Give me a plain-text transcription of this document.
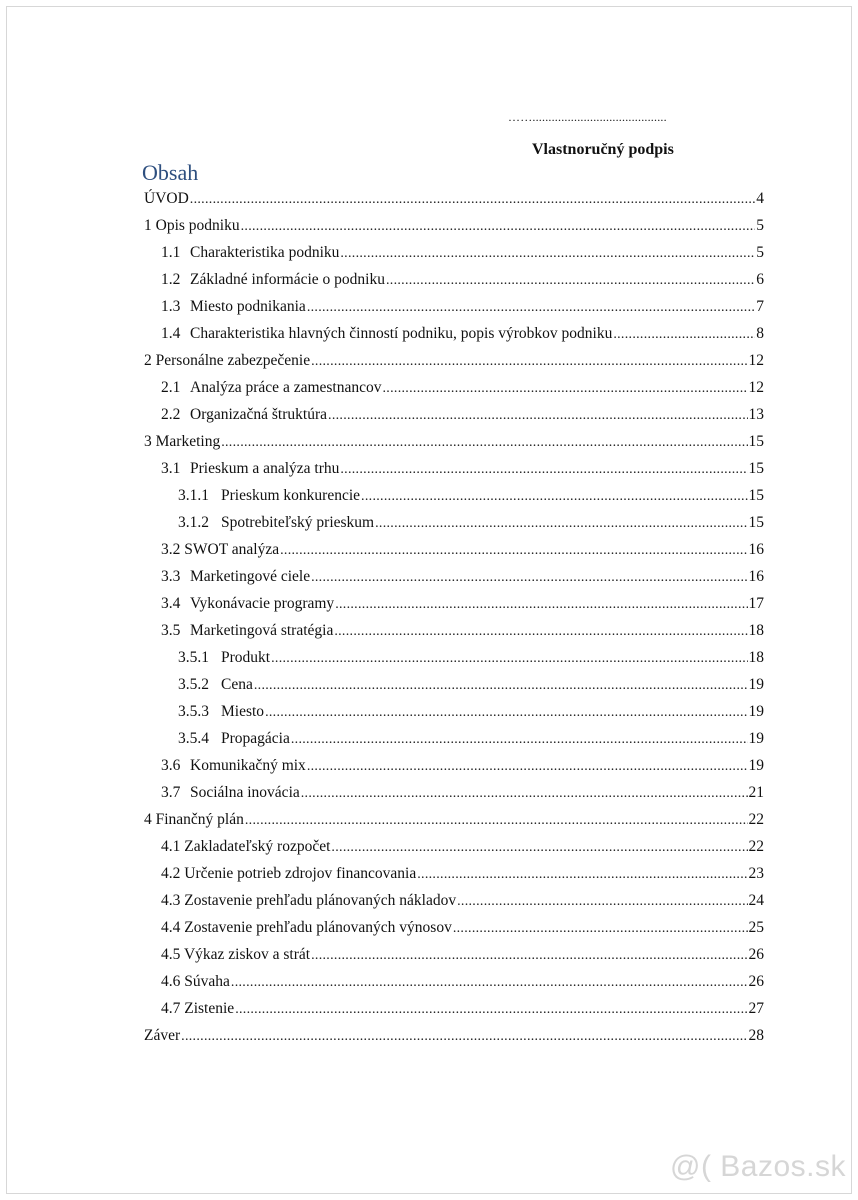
……..........................................
Vlastnoručný podpis
Obsah
ÚVOD .....	4
1 Opis podniku .....	5
1.1 Charakteristika podniku .....	5
1.2 Základné informácie o podniku .....	6
1.3 Miesto podnikania .....	7
1.4 Charakteristika hlavných činností podniku, popis výrobkov podniku .....	8
2 Personálne zabezpečenie .....	12
2.1 Analýza práce a zamestnancov .....	12
2.2 Organizačná štruktúra .....	13
3 Marketing .....	15
3.1 Prieskum a analýza trhu .....	15
3.1.1 Prieskum konkurencie .....	15
3.1.2 Spotrebiteľský prieskum .....	15
3.2 SWOT analýza .....	16
3.3 Marketingové ciele .....	16
3.4 Vykonávacie programy .....	17
3.5 Marketingová stratégia .....	18
3.5.1 Produkt .....	18
3.5.2 Cena .....	19
3.5.3 Miesto .....	19
3.5.4 Propagácia .....	19
3.6 Komunikačný mix .....	19
3.7 Sociálna inovácia .....	21
4 Finančný plán .....	22
4.1 Zakladateľský rozpočet .....	22
4.2 Určenie potrieb zdrojov financovania .....	23
4.3 Zostavenie prehľadu plánovaných nákladov .....	24
4.4 Zostavenie prehľadu plánovaných výnosov .....	25
4.5 Výkaz ziskov a strát .....	26
4.6 Súvaha .....	26
4.7 Zistenie .....	27
Záver .....	28
@( Bazos.sk
